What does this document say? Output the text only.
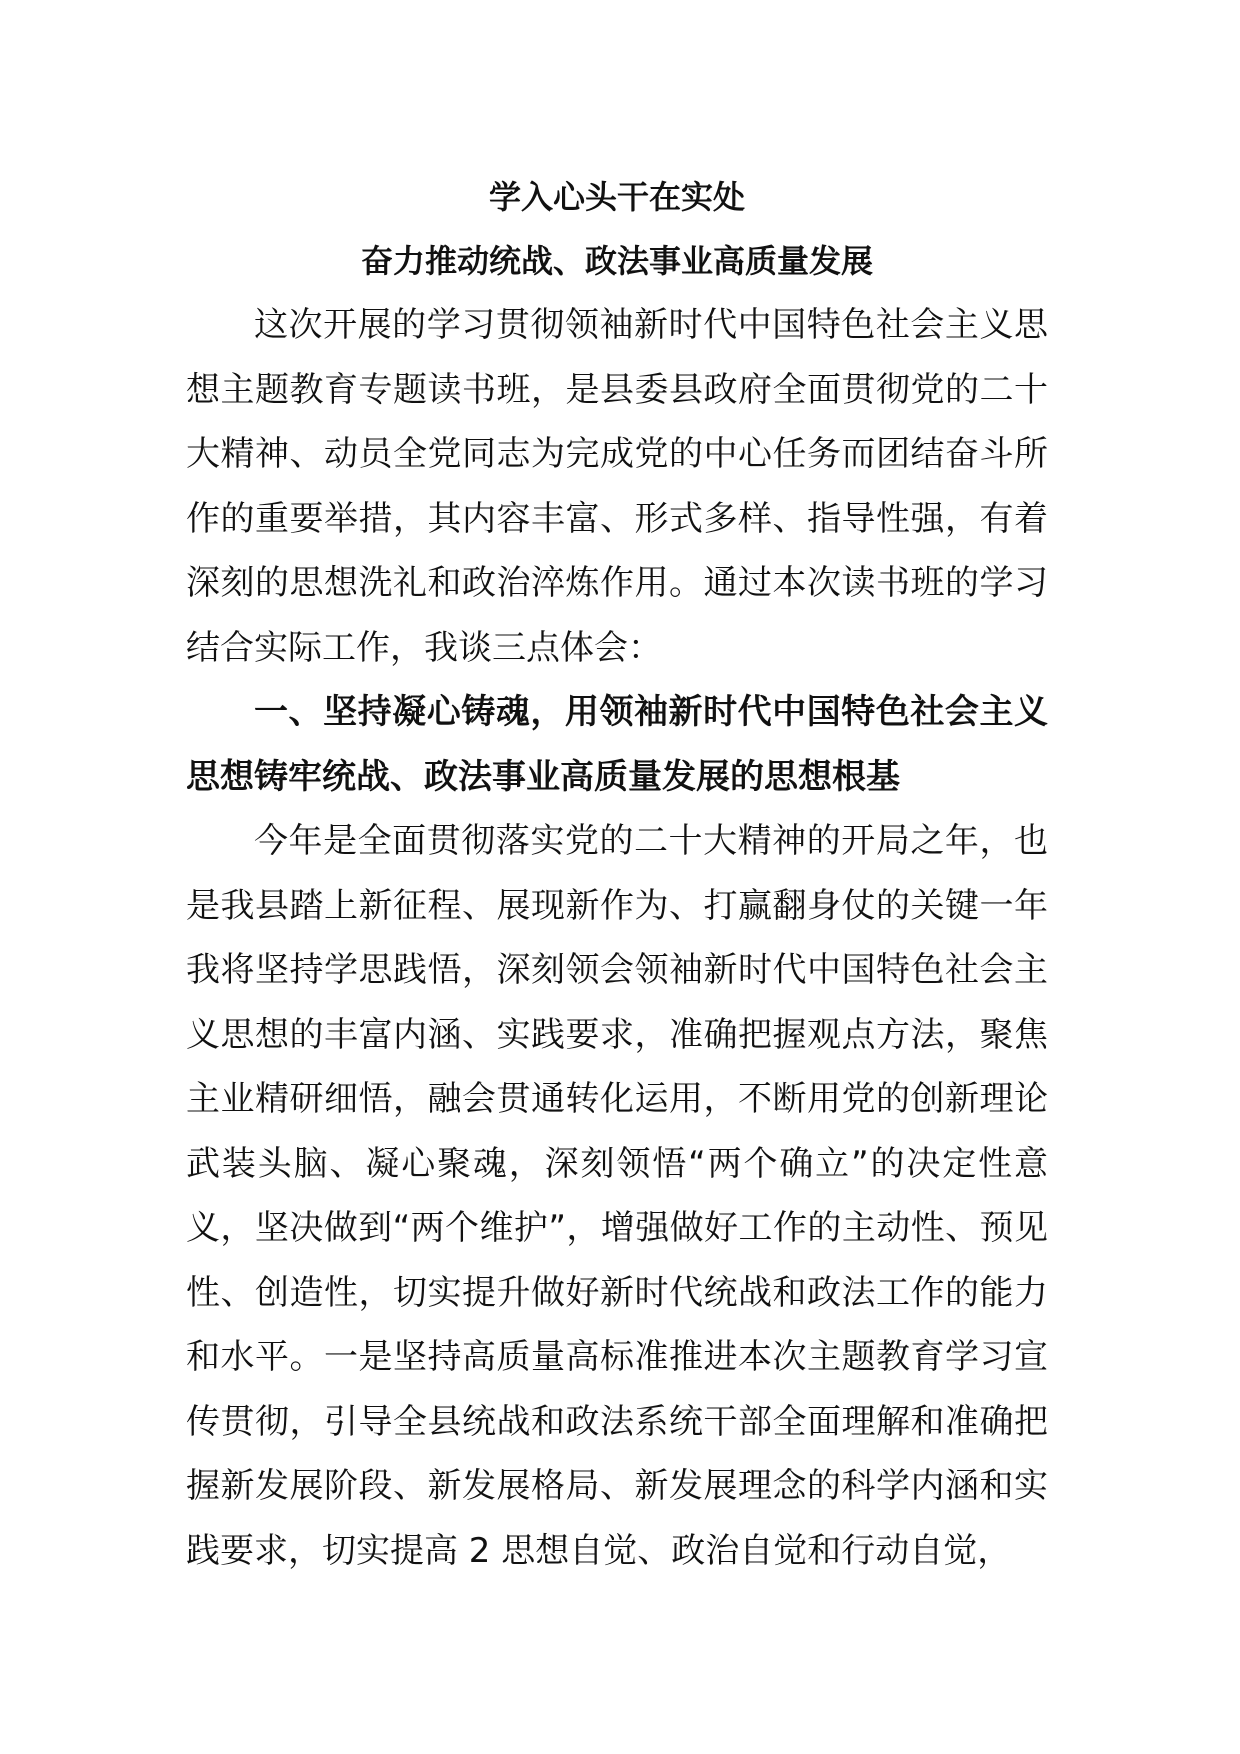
学入心头干在实处

奋力推动统战、政法事业高质量发展

这次开展的学习贯彻领袖新时代中国特色社会主义思想主题教育专题读书班，是县委县政府全面贯彻党的二十大精神、动员全党同志为完成党的中心任务而团结奋斗所作的重要举措，其内容丰富、形式多样、指导性强，有着深刻的思想洗礼和政治淬炼作用。通过本次读书班的学习结合实际工作，我谈三点体会：

一、坚持凝心铸魂，用领袖新时代中国特色社会主义思想铸牢统战、政法事业高质量发展的思想根基

今年是全面贯彻落实党的二十大精神的开局之年，也是我县踏上新征程、展现新作为、打赢翻身仗的关键一年我将坚持学思践悟，深刻领会领袖新时代中国特色社会主义思想的丰富内涵、实践要求，准确把握观点方法，聚焦主业精研细悟，融会贯通转化运用，不断用党的创新理论武装头脑、凝心聚魂，深刻领悟“两个确立”的决定性意义，坚决做到“两个维护”，增强做好工作的主动性、预见性、创造性，切实提升做好新时代统战和政法工作的能力和水平。一是坚持高质量高标准推进本次主题教育学习宣传贯彻，引导全县统战和政法系统干部全面理解和准确把握新发展阶段、新发展格局、新发展理念的科学内涵和实践要求，切实提高 2 思想自觉、政治自觉和行动自觉，
